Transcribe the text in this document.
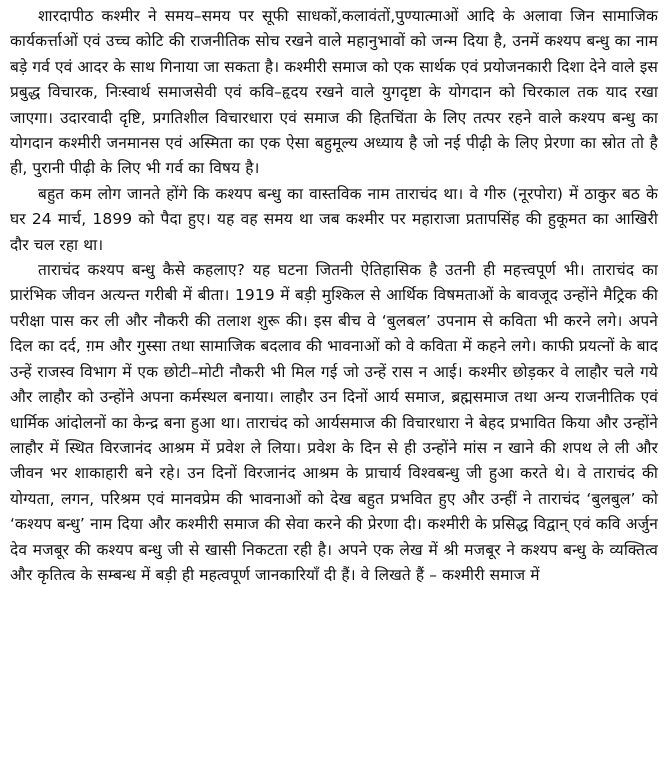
शारदापीठ कश्मीर ने समय–समय पर सूफी साधकों,कलावंतों,पुण्यात्माओं आदि के अलावा जिन सामाजिक कार्यकर्त्ताओं एवं उच्च कोटि की राजनीतिक सोच रखने वाले महानुभावों को जन्म दिया है, उनमें कश्यप बन्धु का नाम बड़े गर्व एवं आदर के साथ गिनाया जा सकता है। कश्मीरी समाज को एक सार्थक एवं प्रयोजनकारी दिशा देने वाले इस प्रबुद्ध विचारक, निःस्वार्थ समाजसेवी एवं कवि–हृदय रखने वाले युगदृष्टा के योगदान को चिरकाल तक याद रखा जाएगा। उदारवादी दृष्टि, प्रगतिशील विचारधारा एवं समाज की हितचिंता के लिए तत्पर रहने वाले कश्यप बन्धु का योगदान कश्मीरी जनमानस एवं अस्मिता का एक ऐसा बहुमूल्य अध्याय है जो नई पीढ़ी के लिए प्रेरणा का स्रोत तो है ही, पुरानी पीढ़ी के लिए भी गर्व का विषय है।

बहुत कम लोग जानते होंगे कि कश्यप बन्धु का वास्तविक नाम ताराचंद था। वे गीरु (नूरपोरा) में ठाकुर बठ के घर 24 मार्च, 1899 को पैदा हुए। यह वह समय था जब कश्मीर पर महाराजा प्रतापसिंह की हुकूमत का आखिरी दौर चल रहा था।

ताराचंद कश्यप बन्धु कैसे कहलाए? यह घटना जितनी ऐतिहासिक है उतनी ही महत्त्वपूर्ण भी। ताराचंद का प्रारंभिक जीवन अत्यन्त गरीबी में बीता। 1919 में बड़ी मुश्किल से आर्थिक विषमताओं के बावजूद उन्होंने मैट्रिक की परीक्षा पास कर ली और नौकरी की तलाश शुरू की। इस बीच वे ‘बुलबल’ उपनाम से कविता भी करने लगे। अपने दिल का दर्द, ग़म और गुस्सा तथा सामाजिक बदलाव की भावनाओं को वे कविता में कहने लगे। काफी प्रयत्नों के बाद उन्हें राजस्व विभाग में एक छोटी–मोटी नौकरी भी मिल गई जो उन्हें रास न आई। कश्मीर छोड़कर वे लाहौर चले गये और लाहौर को उन्होंने अपना कर्मस्थल बनाया। लाहौर उन दिनों आर्य समाज, ब्रह्मसमाज तथा अन्य राजनीतिक एवं धार्मिक आंदोलनों का केन्द्र बना हुआ था। ताराचंद को आर्यसमाज की विचारधारा ने बेहद प्रभावित किया और उन्होंने लाहौर में स्थित विरजानंद आश्रम में प्रवेश ले लिया। प्रवेश के दिन से ही उन्होंने मांस न खाने की शपथ ले ली और जीवन भर शाकाहारी बने रहे। उन दिनों विरजानंद आश्रम के प्राचार्य विश्वबन्धु जी हुआ करते थे। वे ताराचंद की योग्यता, लगन, परिश्रम एवं मानवप्रेम की भावनाओं को देख बहुत प्रभवित हुए और उन्हीं ने ताराचंद ‘बुलबुल’ को ‘कश्यप बन्धु’ नाम दिया और कश्मीरी समाज की सेवा करने की प्रेरणा दी। कश्मीरी के प्रसिद्ध विद्वान् एवं कवि अर्जुन देव मजबूर की कश्यप बन्धु जी से खासी निकटता रही है। अपने एक लेख में श्री मजबूर ने कश्यप बन्धु के व्यक्तित्व और कृतित्व के सम्बन्ध में बड़ी ही महत्वपूर्ण जानकारियाँ दी हैं। वे लिखते हैं – कश्मीरी समाज में
